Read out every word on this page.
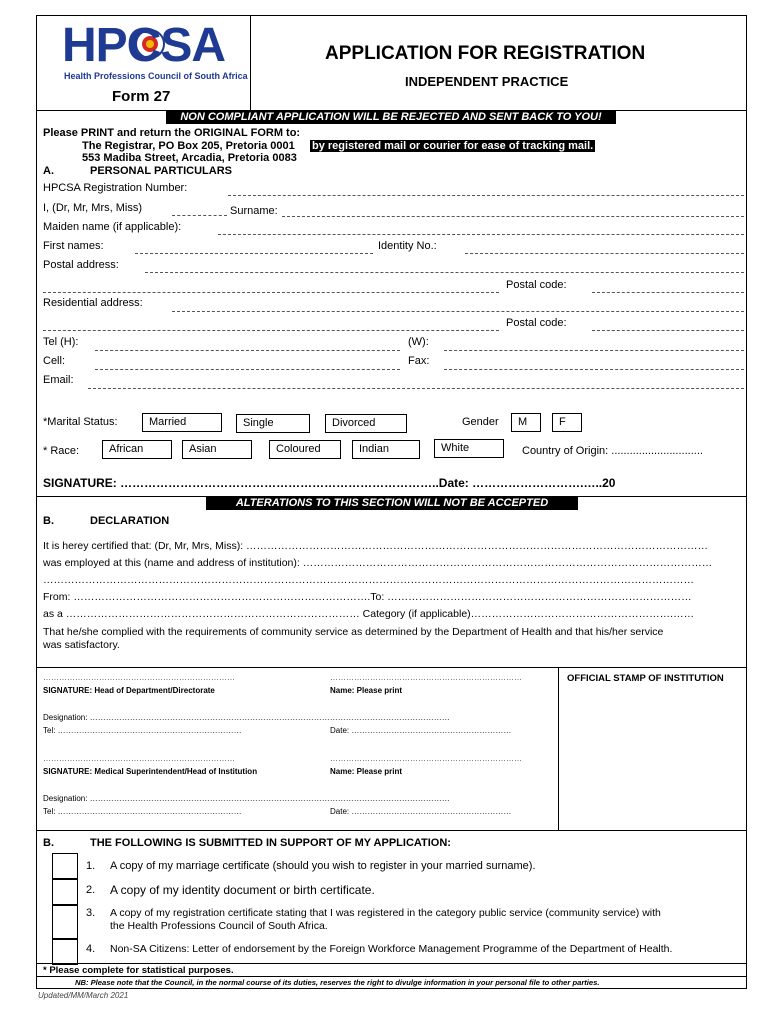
HPCSA
Health Professions Council of South Africa
Form 27
APPLICATION FOR REGISTRATION
INDEPENDENT PRACTICE
NON COMPLIANT APPLICATION WILL BE REJECTED AND SENT BACK TO YOU!
Please PRINT and return the ORIGINAL FORM to:
The Registrar, PO Box 205, Pretoria 0001 by registered mail or courier for ease of tracking mail.
553 Madiba Street, Arcadia, Pretoria 0083
A.	PERSONAL PARTICULARS
HPCSA Registration Number:
I, (Dr, Mr, Mrs, Miss)	Surname:
Maiden name (if applicable):
First names:	Identity No.:
Postal address:
Postal code:
Residential address:
Postal code:
Tel (H):	(W):
Cell:	Fax:
Email:
*Marital Status:	Married	Single	Divorced	Gender	M	F
* Race:	African	Asian	Coloured	Indian	White	Country of Origin: ..............................
SIGNATURE: ……………………………………………………………………..Date: ……………………….…..20
ALTERATIONS TO THIS SECTION WILL NOT BE ACCEPTED
B.	DECLARATION
It is herey certified that: (Dr, Mr, Mrs, Miss): ……………………………………………………………………………………………………………………
was employed at this (name and address of institution): ………………………………………………………………………………………………………
……………………………………………………………………………………………………………………………………………………………………
From: ………………………………………………………………………….To: ……………………………………………………………………………
as a ………………………………………………………………………… Category (if applicable)………………………………………………….……
That he/she complied with the requirements of community service as determined by the Department of Health and that his/her service
was satisfactory.
OFFICIAL STAMP OF INSTITUTION
………………………………………………………………	………………………………………………………………
SIGNATURE: Head of Department/Directorate	Name: Please print
Designation: ………………………………………………………………………………………………………………………
Tel: ……………………………………………………………	Date: ……………………………………………………
………………………………………………………………	………………………………………………………………
SIGNATURE: Medical Superintendent/Head of Institution	Name: Please print
Designation: ………………………………………………………………………………………………………………………
Tel: ……………………………………………………………	Date: ……………………………………………………
B.	THE FOLLOWING IS SUBMITTED IN SUPPORT OF MY APPLICATION:
1. A copy of my marriage certificate (should you wish to register in your married surname).
2. A copy of my identity document or birth certificate.
3. A copy of my registration certificate stating that I was registered in the category public service (community service) with
the Health Professions Council of South Africa.
4. Non-SA Citizens: Letter of endorsement by the Foreign Workforce Management Programme of the Department of Health.
* Please complete for statistical purposes.
NB: Please note that the Council, in the normal course of its duties, reserves the right to divulge information in your personal file to other parties.
Updated/MM/March 2021
